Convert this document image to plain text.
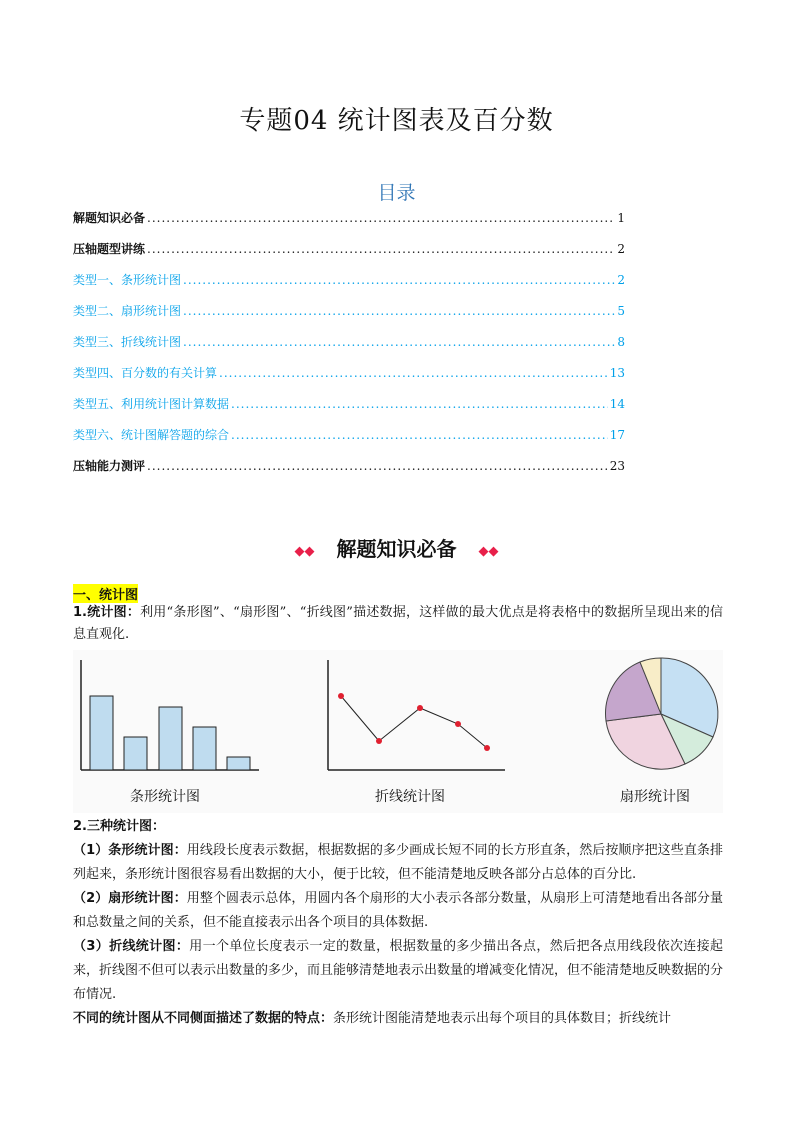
专题04 统计图表及百分数
目录
解题知识必备 .....	1
压轴题型讲练 .....	2
类型一、条形统计图 .....	2
类型二、扇形统计图 .....	5
类型三、折线统计图 .....	8
类型四、百分数的有关计算 .....	13
类型五、利用统计图计算数据 .....	14
类型六、统计图解答题的综合 .....	17
压轴能力测评 .....	23
◆◆ 解题知识必备 ◆◆
一、统计图
1.统计图：利用“条形图”、“扇形图”、“折线图”描述数据，这样做的最大优点是将表格中的数据所呈现出来的信息直观化.
条形统计图	折线统计图	扇形统计图
2.三种统计图：
（1）条形统计图：用线段长度表示数据，根据数据的多少画成长短不同的长方形直条，然后按顺序把这些直条排列起来，条形统计图很容易看出数据的大小，便于比较，但不能清楚地反映各部分占总体的百分比.
（2）扇形统计图：用整个圆表示总体，用圆内各个扇形的大小表示各部分数量，从扇形上可清楚地看出各部分量和总数量之间的关系，但不能直接表示出各个项目的具体数据.
（3）折线统计图：用一个单位长度表示一定的数量，根据数量的多少描出各点，然后把各点用线段依次连接起来，折线图不但可以表示出数量的多少，而且能够清楚地表示出数量的增减变化情况，但不能清楚地反映数据的分布情况.
不同的统计图从不同侧面描述了数据的特点：条形统计图能清楚地表示出每个项目的具体数目；折线统计
